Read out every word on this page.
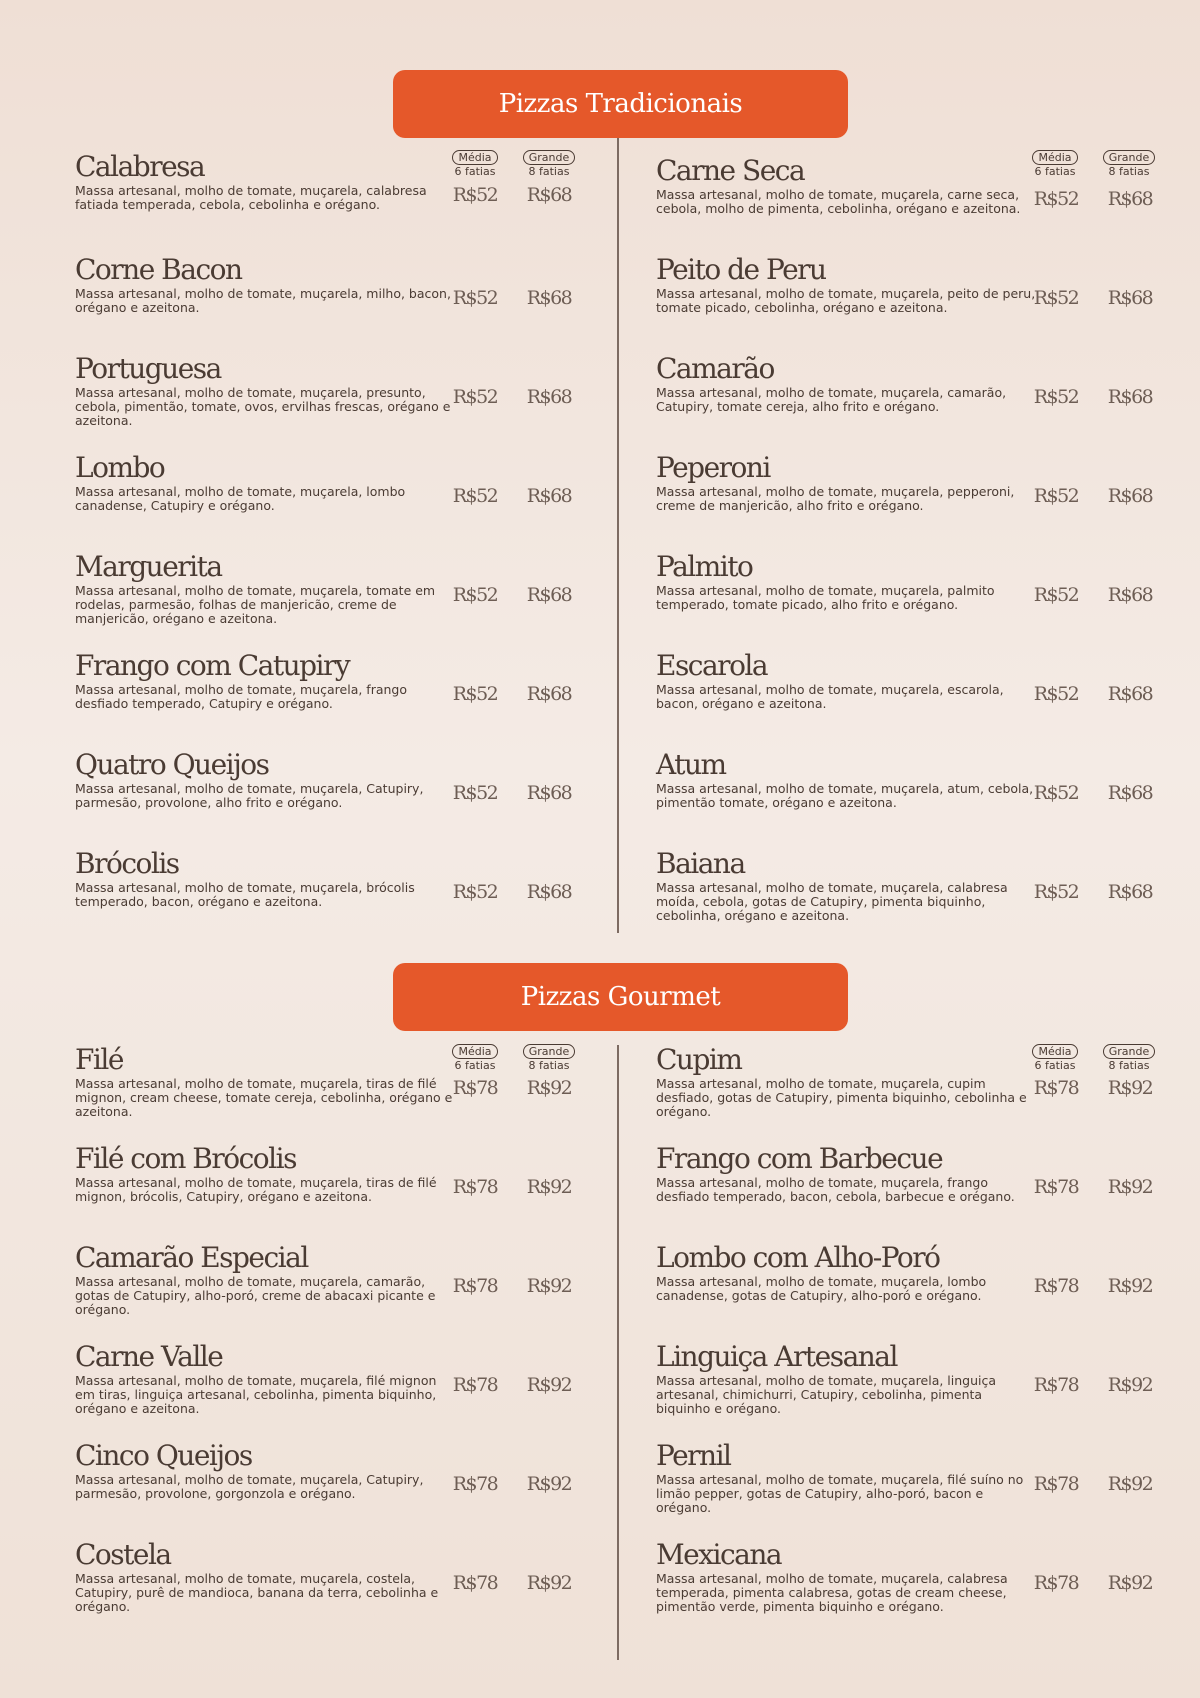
Pizzas Tradicionais
Média
6 fatias
Grande
8 fatias
Média
6 fatias
Grande
8 fatias
Calabresa
Massa artesanal, molho de tomate, muçarela, calabresa fatiada temperada, cebola, cebolinha e orégano.	R$52	R$68
Corne Bacon
Massa artesanal, molho de tomate, muçarela, milho, bacon, orégano e azeitona.	R$52	R$68
Portuguesa
Massa artesanal, molho de tomate, muçarela, presunto, cebola, pimentão, tomate, ovos, ervilhas frescas, orégano e azeitona.
R$52	R$68
Lombo
Massa artesanal, molho de tomate, muçarela, lombo canadense, Catupiry e orégano.	R$52	R$68
Marguerita
Massa artesanal, molho de tomate, muçarela, tomate em rodelas, parmesão, folhas de manjericão, creme de manjericão, orégano e azeitona.
R$52	R$68
Frango com Catupiry
Massa artesanal, molho de tomate, muçarela, frango desfiado temperado, Catupiry e orégano.	R$52	R$68
Quatro Queijos
Massa artesanal, molho de tomate, muçarela, Catupiry, parmesão, provolone, alho frito e orégano.	R$52	R$68
Brócolis
Massa artesanal, molho de tomate, muçarela, brócolis temperado, bacon, orégano e azeitona.	R$52	R$68
Carne Seca
Massa artesanal, molho de tomate, muçarela, carne seca, cebola, molho de pimenta, cebolinha, orégano e azeitona. R$52	R$68
Peito de Peru
Massa artesanal, molho de tomate, muçarela, peito de peru, tomate picado, cebolinha, orégano e azeitona.	R$52	R$68
Camarão
Massa artesanal, molho de tomate, muçarela, camarão, Catupiry, tomate cereja, alho frito e orégano.	R$52	R$68
Peperoni
Massa artesanal, molho de tomate, muçarela, pepperoni, creme de manjericão, alho frito e orégano.	R$52	R$68
Palmito
Massa artesanal, molho de tomate, muçarela, palmito temperado, tomate picado, alho frito e orégano.	R$52	R$68
Escarola
Massa artesanal, molho de tomate, muçarela, escarola, bacon, orégano e azeitona.	R$52	R$68
Atum
Massa artesanal, molho de tomate, muçarela, atum, cebola, pimentão tomate, orégano e azeitona.	R$52	R$68
Baiana
Massa artesanal, molho de tomate, muçarela, calabresa moída, cebola, gotas de Catupiry, pimenta biquinho, cebolinha, orégano e azeitona.
R$52	R$68
Pizzas Gourmet
Média
6 fatias
Grande
8 fatias
Média
6 fatias
Grande
8 fatias
Filé
Massa artesanal, molho de tomate, muçarela, tiras de filé mignon, cream cheese, tomate cereja, cebolinha, orégano e azeitona.
R$78	R$92
Filé com Brócolis
Massa artesanal, molho de tomate, muçarela, tiras de filé mignon, brócolis, Catupiry, orégano e azeitona.	R$78	R$92
Camarão Especial
Massa artesanal, molho de tomate, muçarela, camarão, gotas de Catupiry, alho-poró, creme de abacaxi picante e orégano.
R$78	R$92
Carne Valle
Massa artesanal, molho de tomate, muçarela, filé mignon em tiras, linguiça artesanal, cebolinha, pimenta biquinho, orégano e azeitona.
R$78	R$92
Cinco Queijos
Massa artesanal, molho de tomate, muçarela, Catupiry, parmesão, provolone, gorgonzola e orégano.	R$78	R$92
Costela
Massa artesanal, molho de tomate, muçarela, costela, Catupiry, purê de mandioca, banana da terra, cebolinha e orégano.
R$78	R$92
Cupim
Massa artesanal, molho de tomate, muçarela, cupim desfiado, gotas de Catupiry, pimenta biquinho, cebolinha e orégano.
R$78	R$92
Frango com Barbecue
Massa artesanal, molho de tomate, muçarela, frango desfiado temperado, bacon, cebola, barbecue e orégano. R$78	R$92
Lombo com Alho-Poró
Massa artesanal, molho de tomate, muçarela, lombo canadense, gotas de Catupiry, alho-poró e orégano.	R$78	R$92
Linguiça Artesanal
Massa artesanal, molho de tomate, muçarela, linguiça artesanal, chimichurri, Catupiry, cebolinha, pimenta biquinho e orégano.
R$78	R$92
Pernil
Massa artesanal, molho de tomate, muçarela, filé suíno no limão pepper, gotas de Catupiry, alho-poró, bacon e orégano.
R$78	R$92
Mexicana
Massa artesanal, molho de tomate, muçarela, calabresa temperada, pimenta calabresa, gotas de cream cheese, pimentão verde, pimenta biquinho e orégano.
R$78	R$92
